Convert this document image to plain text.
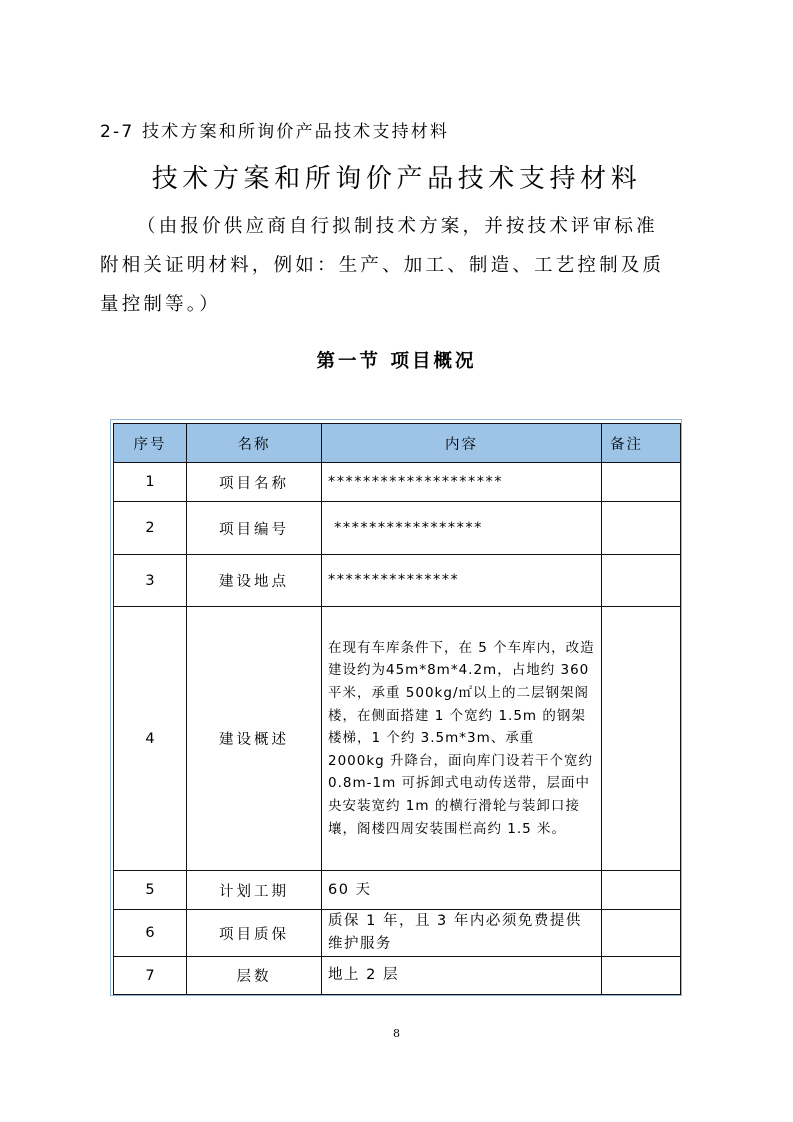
2-7 技术方案和所询价产品技术支持材料
技术方案和所询价产品技术支持材料
（由报价供应商自行拟制技术方案，并按技术评审标准
附相关证明材料，例如：生产、加工、制造、工艺控制及质
量控制等。）
第一节 项目概况
序号	名称	内容	备注
1	项目名称	********************	
2	项目编号	*****************	
3	建设地点	***************	
4	建设概述	在现有车库条件下，在 5 个车库内，改造建设约为45m*8m*4.2m，占地约 360 平米，承重 500kg/㎡以上的二层钢架阁楼，在侧面搭建 1 个宽约 1.5m 的钢架楼梯，1 个约 3.5m*3m、承重 2000kg 升降台，面向库门设若干个宽约 0.8m-1m 可拆卸式电动传送带，层面中央安装宽约 1m 的横行滑轮与装卸口接壤，阁楼四周安装围栏高约 1.5 米。	
5	计划工期	60 天	
6	项目质保	质保 1 年，且 3 年内必须免费提供维护服务	
7	层数	地上 2 层	
8
